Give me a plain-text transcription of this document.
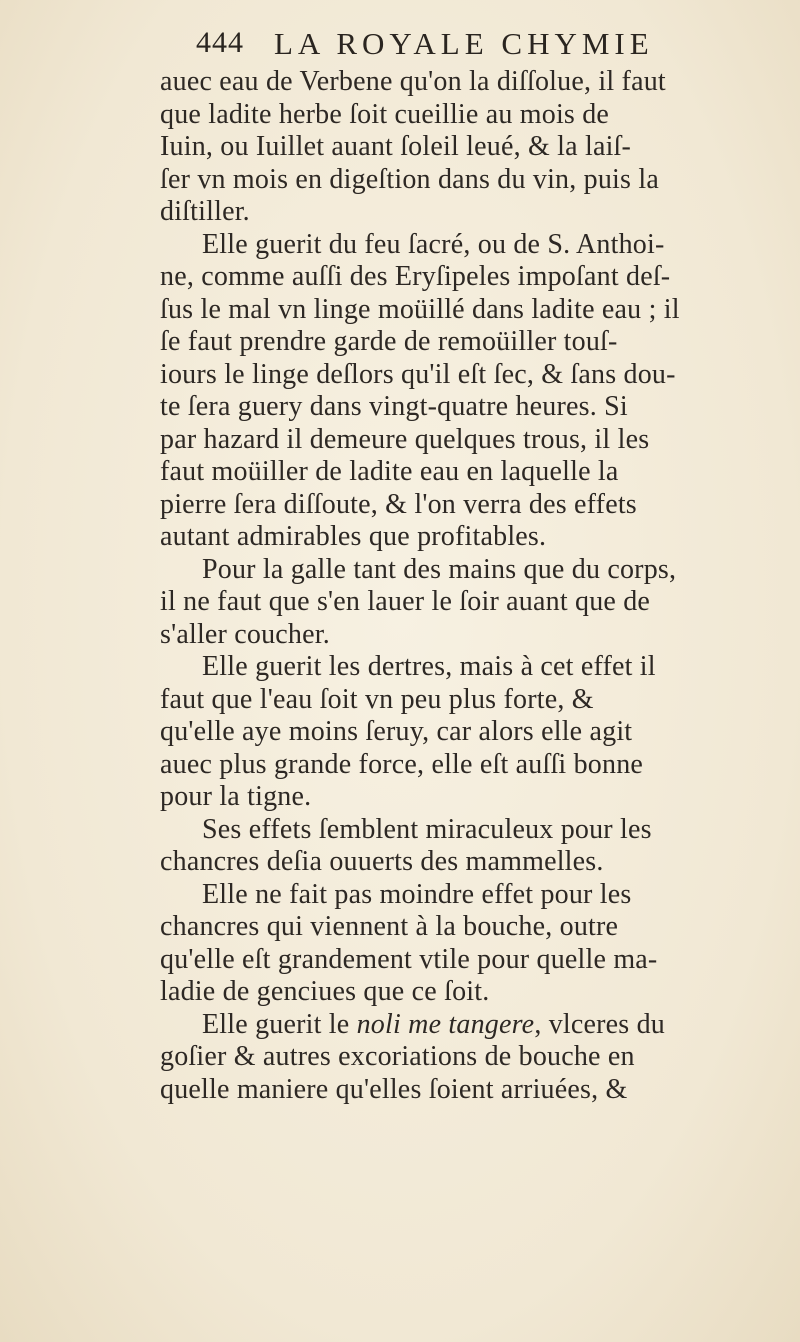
444 LA ROYALE CHYMIE
auec eau de Verbene qu'on la diſſolue, il faut
que ladite herbe ſoit cueillie au mois de
Iuin, ou Iuillet auant ſoleil leué, & la laiſ-
ſer vn mois en digeſtion dans du vin, puis la
diſtiller.
Elle guerit du feu ſacré, ou de S. Anthoi-
ne, comme auſſi des Eryſipeles impoſant deſ-
ſus le mal vn linge moüillé dans ladite eau ; il
ſe faut prendre garde de remoüiller touſ-
iours le linge deſlors qu'il eſt ſec, & ſans dou-
te ſera guery dans vingt-quatre heures. Si
par hazard il demeure quelques trous, il les
faut moüiller de ladite eau en laquelle la
pierre ſera diſſoute, & l'on verra des effets
autant admirables que profitables.
Pour la galle tant des mains que du corps,
il ne faut que s'en lauer le ſoir auant que de
s'aller coucher.
Elle guerit les dertres, mais à cet effet il
faut que l'eau ſoit vn peu plus forte, &
qu'elle aye moins ſeruy, car alors elle agit
auec plus grande force, elle eſt auſſi bonne
pour la tigne.
Ses effets ſemblent miraculeux pour les
chancres deſia ouuerts des mammelles.
Elle ne fait pas moindre effet pour les
chancres qui viennent à la bouche, outre
qu'elle eſt grandement vtile pour quelle ma-
ladie de genciues que ce ſoit.
Elle guerit le noli me tangere, vlceres du
goſier & autres excoriations de bouche en
quelle maniere qu'elles ſoient arriuées, &
